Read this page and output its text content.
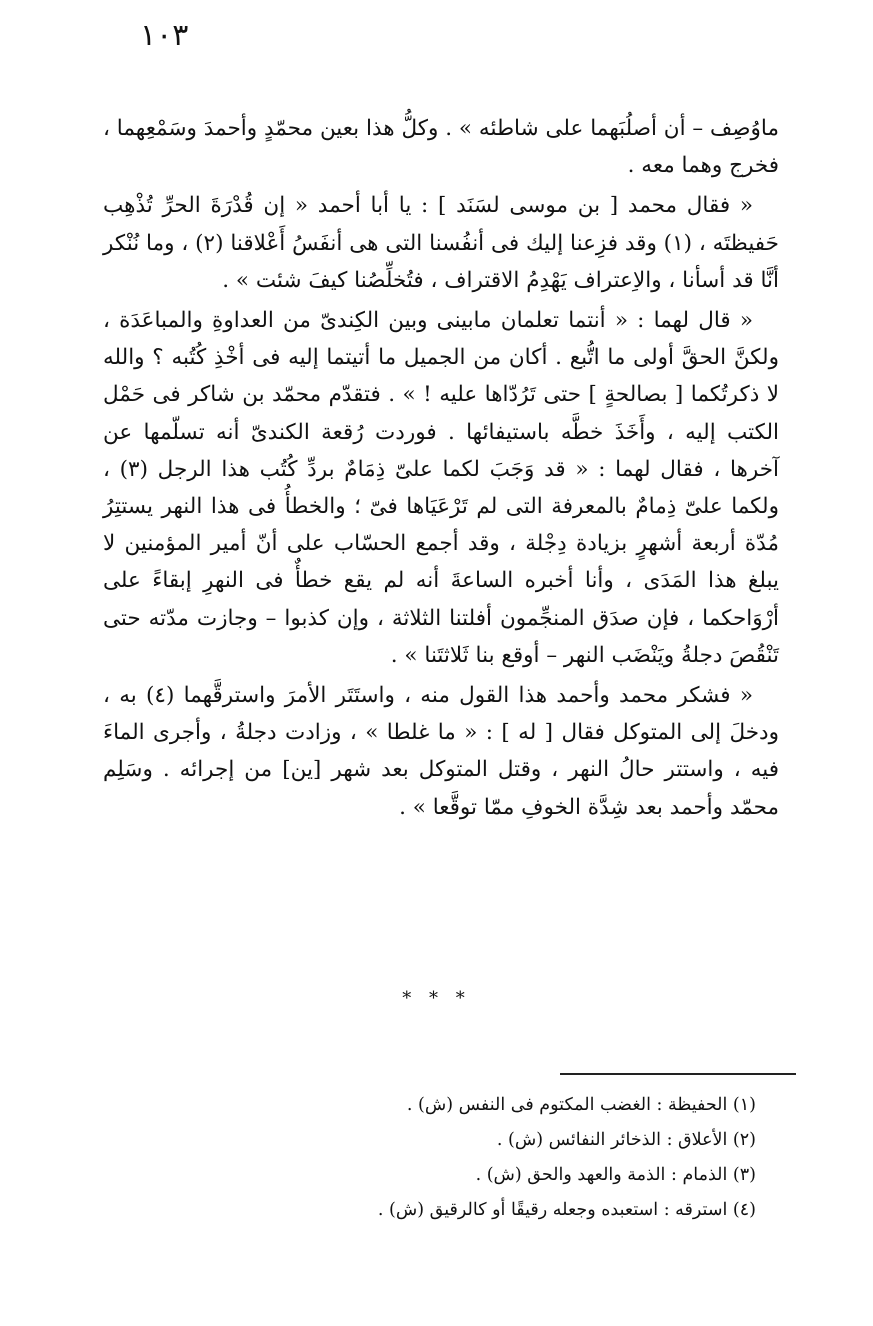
١٠٣

ماوُصِف – أن أصلُبَهما على شاطئه » . وكلُّ هذا بعين محمّدٍ وأحمدَ وسَمْعِهما ، فخرج وهما معه .

« فقال محمد [ بن موسى لسَنَد ] : يا أبا أحمد « إن قُدْرَةَ الحرِّ تُذْهِب حَفيظتَه ، (١) وقد فزِعنا إليك فى أنفُسنا التى هى أنفَسُ أَعْلاقنا (٢) ، وما نُنْكر أنَّا قد أسأنا ، والاِعتراف يَهْدِمُ الاقتراف ، فتُخلِّصُنا كيفَ شئت » .

« قال لهما : « أنتما تعلمان مابينى وبين الكِندىّ من العداوةِ والمباعَدَة ، ولكنَّ الحقَّ أولى ما اتُّبع . أكان من الجميل ما أتيتما إليه فى أخْذِ كُتُبه ؟ والله لا ذكرتُكما [ بصالحةٍ ] حتى تَرُدّاها عليه ! » . فتقدّم محمّد بن شاكر فى حَمْل الكتب إليه ، وأَخَذَ خطَّه باستيفائها . فوردت رُقعة الكندىّ أنه تسلّمها عن آخرها ، فقال لهما : « قد وَجَبَ لكما علىّ ذِمَامٌ بردِّ كُتُب هذا الرجل (٣) ، ولكما علىّ ذِمامٌ بالمعرفة التى لم تَرْعَيَاها فىّ ؛ والخطأُ فى هذا النهر يستتِرُ مُدّة أربعة أشهرٍ بزيادة دِجْلة ، وقد أجمع الحسّاب على أنّ أمير المؤمنين لا يبلغ هذا المَدَى ، وأنا أخبره الساعةَ أنه لم يقع خطأٌ فى النهرِ إبقاءً على أرْوَاحكما ، فإن صدَق المنجِّمون أفلتنا الثلاثة ، وإن كذبوا – وجازت مدّته حتى تَنْقُصَ دجلةُ ويَنْضَب النهر – أوقع بنا ثَلاثتَنا » .

« فشكر محمد وأحمد هذا القول منه ، واستَتَر الأمرَ واسترقَّهما (٤) به ، ودخلَ إلى المتوكل فقال [ له ] : « ما غلطا » ، وزادت دجلةُ ، وأجرى الماءَ فيه ، واستتر حالُ النهر ، وقتل المتوكل بعد شهر [ين] من إجرائه . وسَلِم محمّد وأحمد بعد شِدَّة الخوفِ ممّا توقَّعا » .

* * *
(١) الحفيظة : الغضب المكتوم فى النفس (ش) .
(٢) الأعلاق : الذخائر النفائس (ش) .
(٣) الذمام : الذمة والعهد والحق (ش) .
(٤) استرقه : استعبده وجعله رقيقًا أو كالرقيق (ش) .
